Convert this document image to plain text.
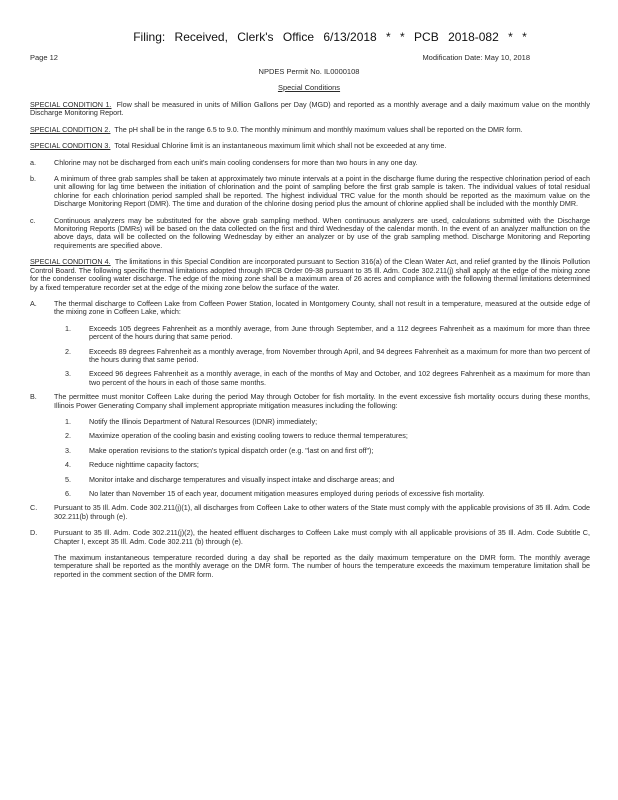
Filing: Received, Clerk's Office 6/13/2018 * * PCB 2018-082 * *
Page 12	Modification Date: May 10, 2018
NPDES Permit No. IL0000108
Special Conditions

SPECIAL CONDITION 1. Flow shall be measured in units of Million Gallons per Day (MGD) and reported as a monthly average and a daily maximum value on the monthly Discharge Monitoring Report.

SPECIAL CONDITION 2. The pH shall be in the range 6.5 to 9.0. The monthly minimum and monthly maximum values shall be reported on the DMR form.

SPECIAL CONDITION 3. Total Residual Chlorine limit is an instantaneous maximum limit which shall not be exceeded at any time.

a.	Chlorine may not be discharged from each unit's main cooling condensers for more than two hours in any one day.
b.	A minimum of three grab samples shall be taken at approximately two minute intervals at a point in the discharge flume during the respective chlorination period of each unit allowing for lag time between the initiation of chlorination and the point of sampling before the first grab sample is taken. The individual values of total residual chlorine for each chlorination period sampled shall be reported. The highest individual TRC value for the month should be reported as the maximum value on the Discharge Monitoring Report (DMR). The time and duration of the chlorine dosing period plus the amount of chlorine applied shall be included with the monthly DMR.
c.	Continuous analyzers may be substituted for the above grab sampling method. When continuous analyzers are used, calculations submitted with the Discharge Monitoring Reports (DMRs) will be based on the data collected on the first and third Wednesday of the calendar month. In the event of an analyzer malfunction on the above days, data will be collected on the following Wednesday by either an analyzer or by use of the grab sampling method. Discharge Monitoring and Reporting requirements are specified above.

SPECIAL CONDITION 4. The limitations in this Special Condition are incorporated pursuant to Section 316(a) of the Clean Water Act, and relief granted by the Illinois Pollution Control Board. The following specific thermal limitations adopted through IPCB Order 09-38 pursuant to 35 Ill. Adm. Code 302.211(j) shall apply at the edge of the mixing zone for the condenser cooling water discharge. The edge of the mixing zone shall be a maximum area of 26 acres and compliance with the following thermal limitations determined by a fixed temperature recorder set at the edge of the mixing zone below the surface of the water.

A.	The thermal discharge to Coffeen Lake from Coffeen Power Station, located in Montgomery County, shall not result in a temperature, measured at the outside edge of the mixing zone in Coffeen Lake, which:
1.	Exceeds 105 degrees Fahrenheit as a monthly average, from June through September, and a 112 degrees Fahrenheit as a maximum for more than three percent of the hours during that same period.
2.	Exceeds 89 degrees Fahrenheit as a monthly average, from November through April, and 94 degrees Fahrenheit as a maximum for more than two percent of the hours during that same period.
3.	Exceed 96 degrees Fahrenheit as a monthly average, in each of the months of May and October, and 102 degrees Fahrenheit as a maximum for more than two percent of the hours in each of those same months.
B.	The permittee must monitor Coffeen Lake during the period May through October for fish mortality. In the event excessive fish mortality occurs during these months, Illinois Power Generating Company shall implement appropriate mitigation measures including the following:
1.	Notify the Illinois Department of Natural Resources (IDNR) immediately;
2.	Maximize operation of the cooling basin and existing cooling towers to reduce thermal temperatures;
3.	Make operation revisions to the station's typical dispatch order (e.g. "last on and first off");
4.	Reduce nighttime capacity factors;
5.	Monitor intake and discharge temperatures and visually inspect intake and discharge areas; and
6.	No later than November 15 of each year, document mitigation measures employed during periods of excessive fish mortality.
C.	Pursuant to 35 Ill. Adm. Code 302.211(j)(1), all discharges from Coffeen Lake to other waters of the State must comply with the applicable provisions of 35 Ill. Adm. Code 302.211(b) through (e).
D.	Pursuant to 35 Ill. Adm. Code 302.211(j)(2), the heated effluent discharges to Coffeen Lake must comply with all applicable provisions of 35 Ill. Adm. Code Subtitle C, Chapter I, except 35 Ill. Adm. Code 302.211 (b) through (e).

The maximum instantaneous temperature recorded during a day shall be reported as the daily maximum temperature on the DMR form. The monthly average temperature shall be reported as the monthly average on the DMR form. The number of hours the temperature exceeds the maximum temperature limitation shall be reported in the comment section of the DMR form.
